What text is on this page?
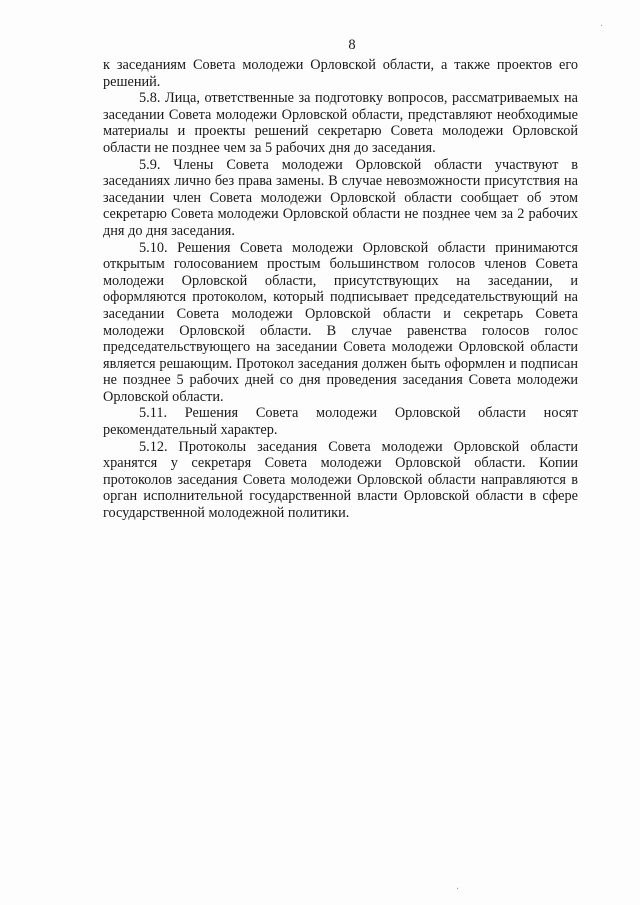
·
8

к заседаниям Совета молодежи Орловской области, а также проектов его решений.

5.8. Лица, ответственные за подготовку вопросов, рассматриваемых на заседании Совета молодежи Орловской области, представляют необходимые материалы и проекты решений секретарю Совета молодежи Орловской области не позднее чем за 5 рабочих дня до заседания.

5.9. Члены Совета молодежи Орловской области участвуют в заседаниях лично без права замены. В случае невозможности присутствия на заседании член Совета молодежи Орловской области сообщает об этом секретарю Совета молодежи Орловской области не позднее чем за 2 рабочих дня до дня заседания.

5.10. Решения Совета молодежи Орловской области принимаются открытым голосованием простым большинством голосов членов Совета молодежи Орловской области, присутствующих на заседании, и оформляются протоколом, который подписывает председательствующий на заседании Совета молодежи Орловской области и секретарь Совета молодежи Орловской области. В случае равенства голосов голос председательствующего на заседании Совета молодежи Орловской области является решающим. Протокол заседания должен быть оформлен и подписан не позднее 5 рабочих дней со дня проведения заседания Совета молодежи Орловской области.

5.11. Решения Совета молодежи Орловской области носят рекомендательный характер.

5.12. Протоколы заседания Совета молодежи Орловской области хранятся у секретаря Совета молодежи Орловской области. Копии протоколов заседания Совета молодежи Орловской области направляются в орган исполнительной государственной власти Орловской области в сфере государственной молодежной политики.

·
